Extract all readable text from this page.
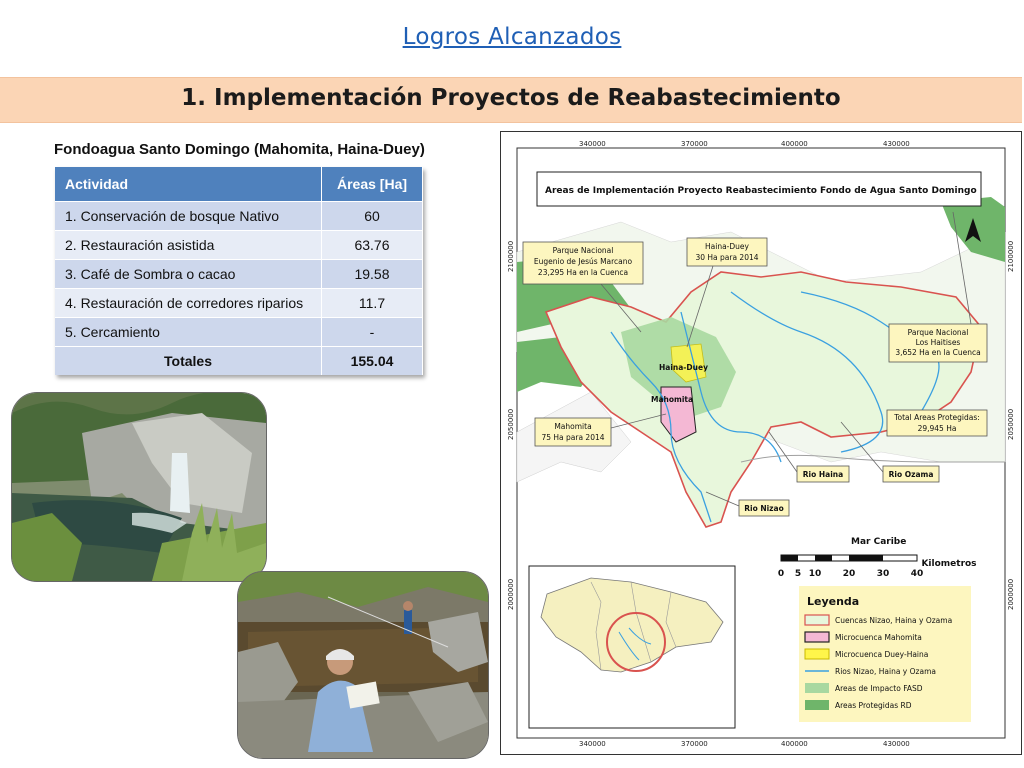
Logros Alcanzados
1. Implementación Proyectos de Reabastecimiento
Fondoagua Santo Domingo (Mahomita, Haina-Duey)
Actividad	Áreas [Ha]
1. Conservación de bosque Nativo	60
2. Restauración asistida	63.76
3. Café de Sombra o cacao	19.58
4. Restauración de corredores riparios	11.7
5. Cercamiento	-
Totales	155.04
340000	370000	400000	430000
340000	370000	400000	430000
2100000
2050000
2000000
2100000
2050000
2000000
Areas de Implementación Proyecto Reabastecimiento Fondo de Agua Santo Domingo
Parque Nacional
Eugenio de Jesús Marcano
23,295 Ha en la Cuenca
Haina-Duey
30 Ha para 2014
Parque Nacional
Los Haitises
3,652 Ha en la Cuenca
Total Areas Protegidas:
29,945 Ha
Mahomita
75 Ha para 2014
Rio Haina	Rio Ozama
Rio Nizao
Haina-Duey
Mahomita
Mar Caribe
Kilometros
0 5 10 20 30 40
Leyenda
Cuencas Nizao, Haina y Ozama
Microcuenca Mahomita
Microcuenca Duey-Haina
Rios Nizao, Haina y Ozama
Areas de Impacto FASD
Areas Protegidas RD
